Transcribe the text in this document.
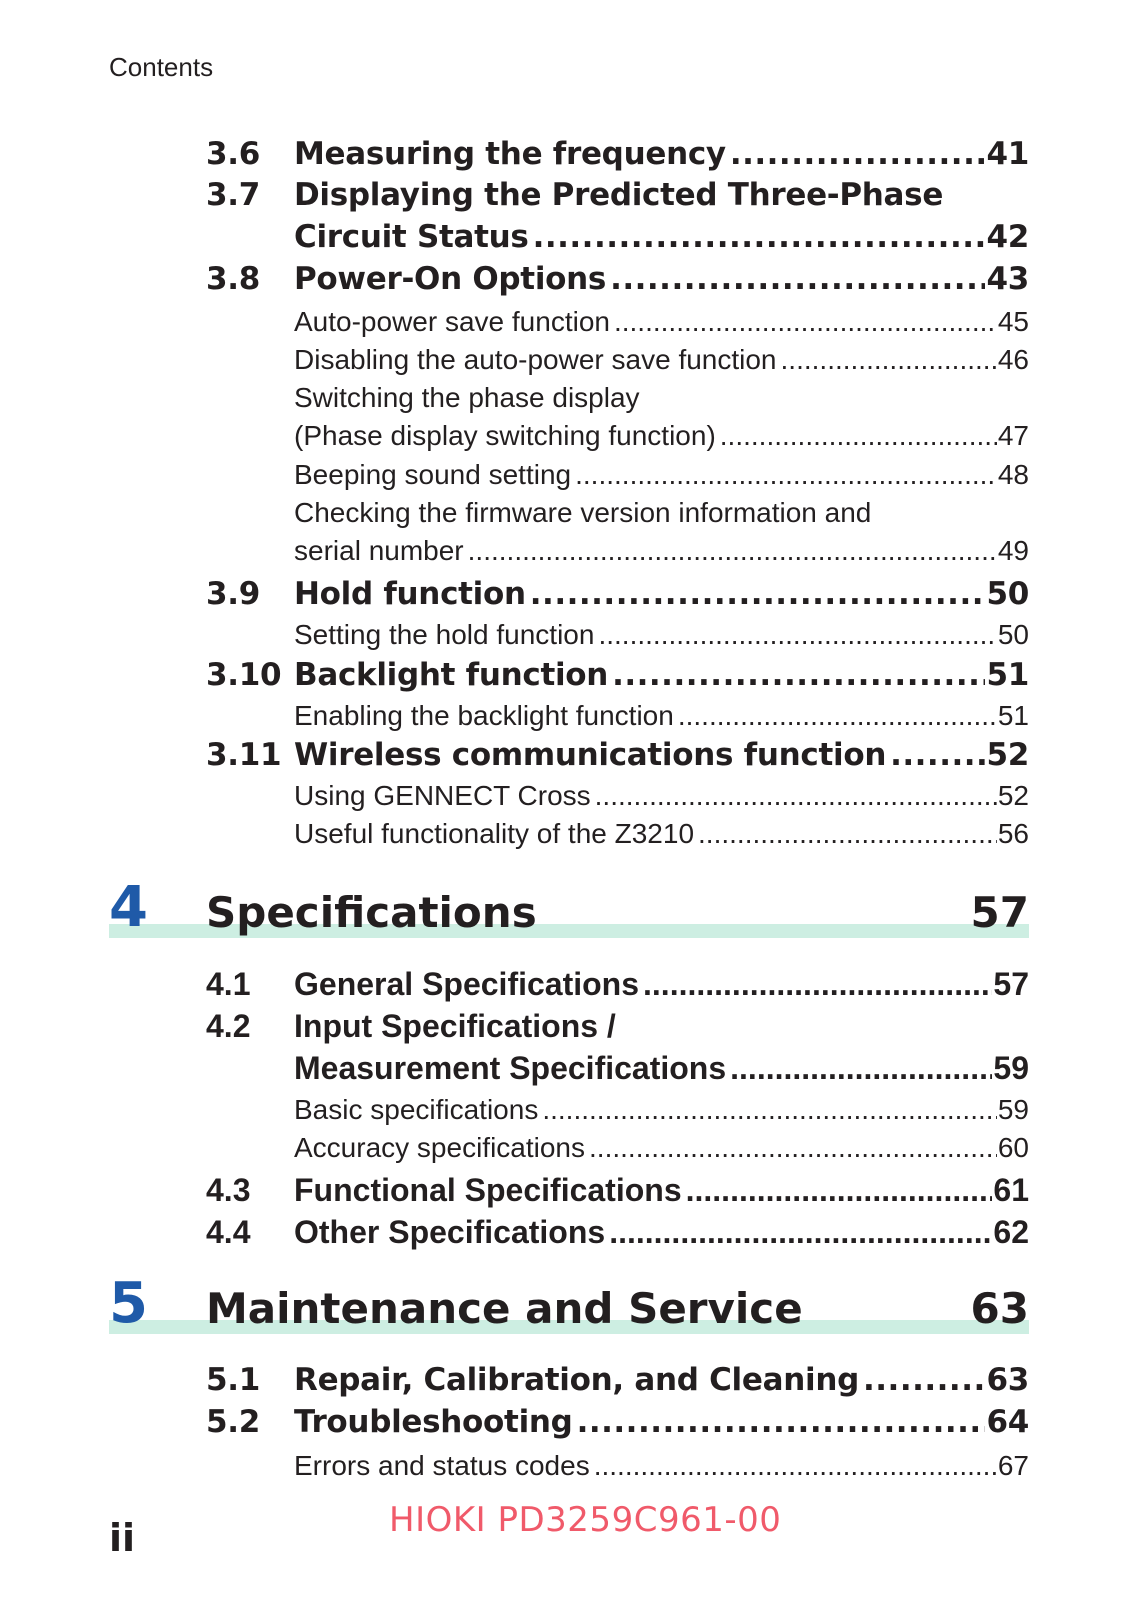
Contents
3.6 Measuring the frequency .....	41
3.7 Displaying the Predicted Three-Phase
Circuit Status .....	42
3.8 Power-On Options .....	43
Auto-power save function .....	45
Disabling the auto-power save function .....	46
Switching the phase display
(Phase display switching function) .....	47
Beeping sound setting .....	48
Checking the firmware version information and
serial number .....	49
3.9 Hold function .....	50
Setting the hold function .....	50
3.10 Backlight function .....	51
Enabling the backlight function .....	51
3.11 Wireless communications function .....	52
Using GENNECT Cross .....	52
Useful functionality of the Z3210 .....	56
4 Specifications	57
4.1 General Specifications .....	57
4.2 Input Specifications /
Measurement Specifications .....	59
Basic specifications .....	59
Accuracy specifications .....	60
4.3 Functional Specifications .....	61
4.4 Other Specifications .....	62
5 Maintenance and Service	63
5.1 Repair, Calibration, and Cleaning .....	63
5.2 Troubleshooting .....	64
Errors and status codes .....	67
ii	HIOKI PD3259C961-00
